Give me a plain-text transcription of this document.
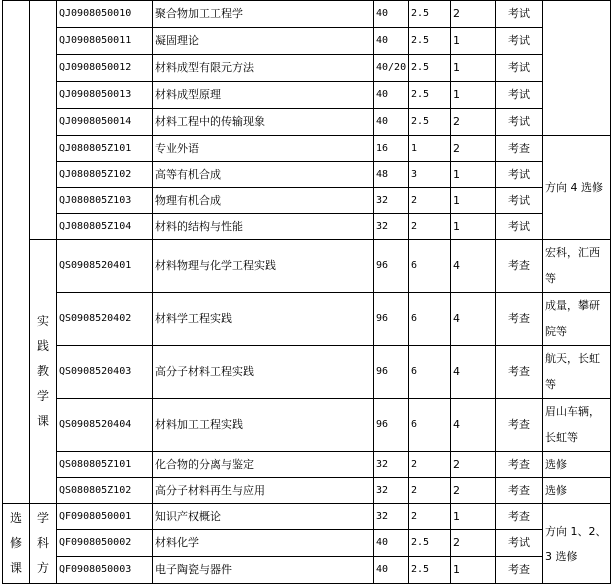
		QJ0908050010	聚合物加工工程学	40	2.5	2	考试	
		QJ0908050011	凝固理论	40	2.5	1	考试	
		QJ0908050012	材料成型有限元方法	40/20	2.5	1	考试	
		QJ0908050013	材料成型原理	40	2.5	1	考试	
		QJ0908050014	材料工程中的传输现象	40	2.5	2	考试	
		QJ080805Z101	专业外语	16	1	2	考查	方向 4 选修
		QJ080805Z102	高等有机合成	48	3	1	考试	
		QJ080805Z103	物理有机合成	32	2	1	考试	
		QJ080805Z104	材料的结构与性能	32	2	1	考试	
	实践教学课	QS0908520401	材料物理与化学工程实践	96	6	4	考查	宏科，汇西等
		QS0908520402	材料学工程实践	96	6	4	考查	成量，攀研院等
		QS0908520403	高分子材料工程实践	96	6	4	考查	航天，长虹等
		QS0908520404	材料加工工程实践	96	6	4	考查	眉山车辆，长虹等
		QS080805Z101	化合物的分离与鉴定	32	2	2	考查	选修
		QS080805Z102	高分子材料再生与应用	32	2	2	考查	选修
选修课	学科方	QF0908050001	知识产权概论	32	2	1	考查	方向 1、2、3 选修
		QF0908050002	材料化学	40	2.5	2	考试	
		QF0908050003	电子陶瓷与器件	40	2.5	1	考查	
